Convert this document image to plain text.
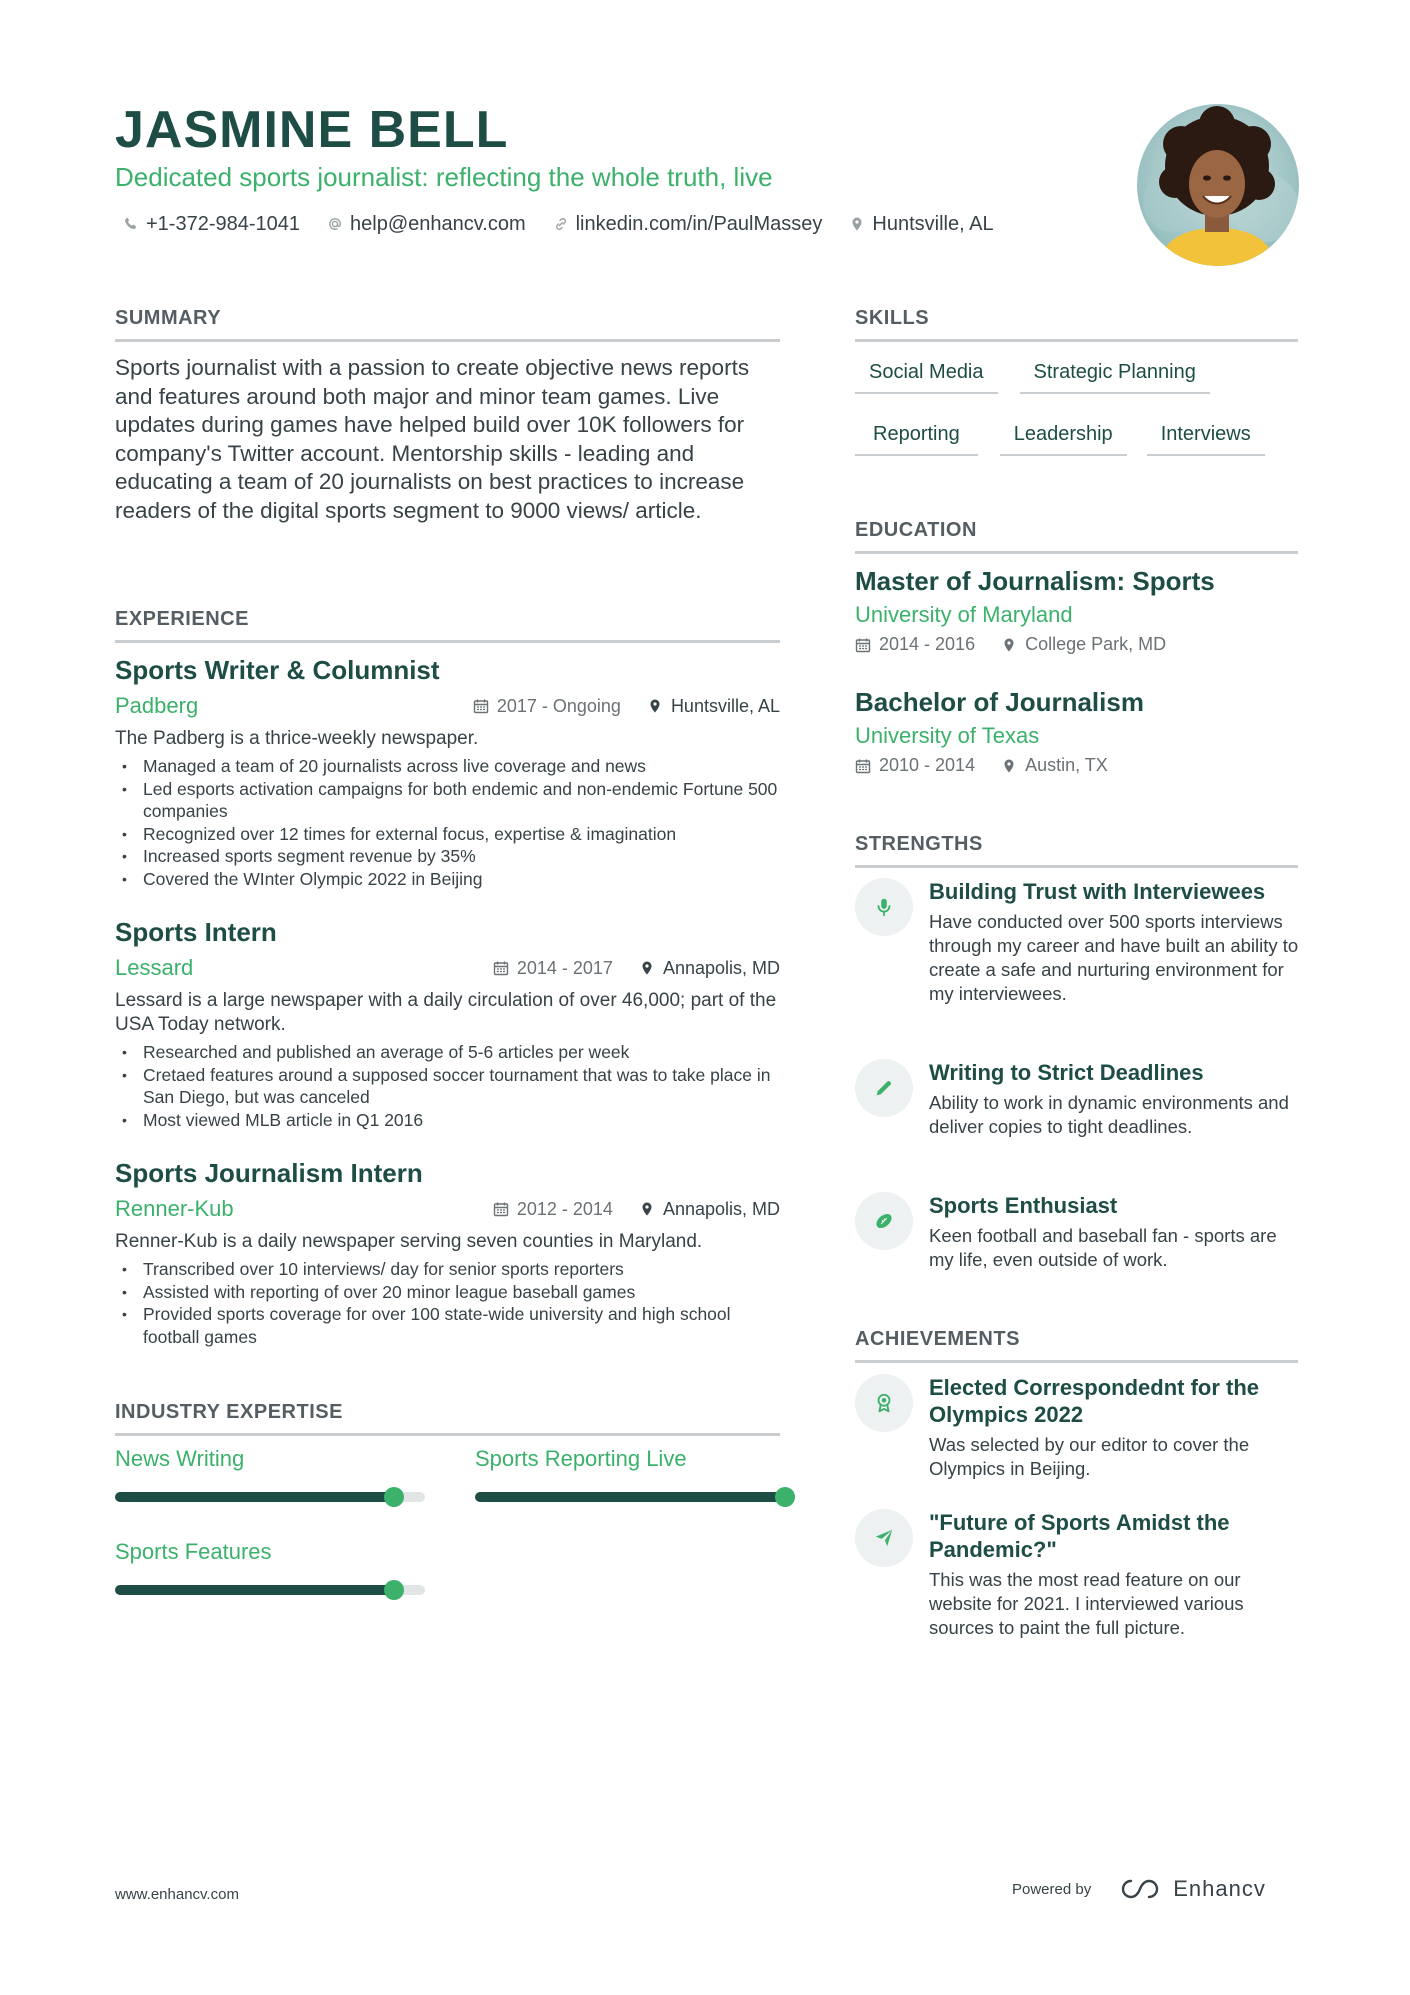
JASMINE BELL

Dedicated sports journalist: reflecting the whole truth, live

+1-372-984-1041	help@enhancv.com	linkedin.com/in/PaulMassey	Huntsville, AL
SUMMARY

Sports journalist with a passion to create objective news reports and features around both major and minor team games. Live updates during games have helped build over 10K followers for company's Twitter account. Mentorship skills - leading and educating a team of 20 journalists on best practices to increase readers of the digital sports segment to 9000 views/ article.

EXPERIENCE
Sports Writer & Columnist
Padberg	2017 - Ongoing	Huntsville, AL

The Padberg is a thrice-weekly newspaper.

• Managed a team of 20 journalists across live coverage and news
• Led esports activation campaigns for both endemic and non-endemic Fortune 500 companies
• Recognized over 12 times for external focus, expertise & imagination
• Increased sports segment revenue by 35%
• Covered the WInter Olympic 2022 in Beijing
Sports Intern
Lessard	2014 - 2017	Annapolis, MD

Lessard is a large newspaper with a daily circulation of over 46,000; part of the USA Today network.

• Researched and published an average of 5-6 articles per week
• Cretaed features around a supposed soccer tournament that was to take place in San Diego, but was canceled
• Most viewed MLB article in Q1 2016
Sports Journalism Intern
Renner-Kub	2012 - 2014	Annapolis, MD

Renner-Kub is a daily newspaper serving seven counties in Maryland.

• Transcribed over 10 interviews/ day for senior sports reporters
• Assisted with reporting of over 20 minor league baseball games
• Provided sports coverage for over 100 state-wide university and high school football games
INDUSTRY EXPERTISE

News Writing	Sports Reporting Live

Sports Features

SKILLS
Social Media	Strategic Planning
Reporting	Leadership	Interviews
EDUCATION
Master of Journalism: Sports

University of Maryland

2014 - 2016	College Park, MD
Bachelor of Journalism

University of Texas

2010 - 2014	Austin, TX
STRENGTHS
Building Trust with Interviewees

Have conducted over 500 sports interviews through my career and have built an ability to create a safe and nurturing environment for my interviewees.

Writing to Strict Deadlines

Ability to work in dynamic environments and deliver copies to tight deadlines.

Sports Enthusiast

Keen football and baseball fan - sports are my life, even outside of work.

ACHIEVEMENTS
Elected Correspondednt for the Olympics 2022

Was selected by our editor to cover the Olympics in Beijing.

"Future of Sports Amidst the Pandemic?"

This was the most read feature on our website for 2021. I interviewed various sources to paint the full picture.

www.enhancv.com	Powered by	Enhancv
